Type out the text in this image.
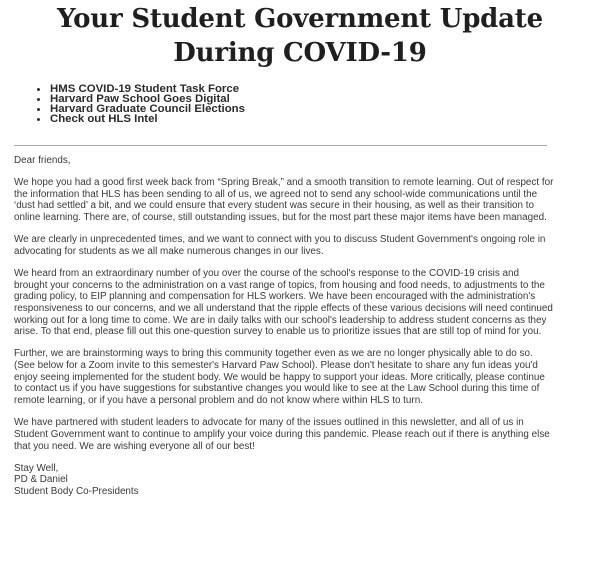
Your Student Government Update
During COVID-19
HMS COVID-19 Student Task Force
Harvard Paw School Goes Digital
Harvard Graduate Council Elections
Check out HLS Intel

Dear friends,

We hope you had a good first week back from “Spring Break,” and a smooth transition to remote learning. Out of respect for the information that HLS has been sending to all of us, we agreed not to send any school-wide communications until the ‘dust had settled’ a bit, and we could ensure that every student was secure in their housing, as well as their transition to online learning. There are, of course, still outstanding issues, but for the most part these major items have been managed.

We are clearly in unprecedented times, and we want to connect with you to discuss Student Government's ongoing role in advocating for students as we all make numerous changes in our lives.

We heard from an extraordinary number of you over the course of the school's response to the COVID-19 crisis and brought your concerns to the administration on a vast range of topics, from housing and food needs, to adjustments to the grading policy, to EIP planning and compensation for HLS workers. We have been encouraged with the administration's responsiveness to our concerns, and we all understand that the ripple effects of these various decisions will need continued working out for a long time to come. We are in daily talks with our school's leadership to address student concerns as they arise. To that end, please fill out this one-question survey to enable us to prioritize issues that are still top of mind for you.

Further, we are brainstorming ways to bring this community together even as we are no longer physically able to do so. (See below for a Zoom invite to this semester's Harvard Paw School). Please don't hesitate to share any fun ideas you'd enjoy seeing implemented for the student body. We would be happy to support your ideas. More critically, please continue to contact us if you have suggestions for substantive changes you would like to see at the Law School during this time of remote learning, or if you have a personal problem and do not know where within HLS to turn.

We have partnered with student leaders to advocate for many of the issues outlined in this newsletter, and all of us in Student Government want to continue to amplify your voice during this pandemic. Please reach out if there is anything else that you need. We are wishing everyone all of our best!

Stay Well,
PD & Daniel
Student Body Co-Presidents
